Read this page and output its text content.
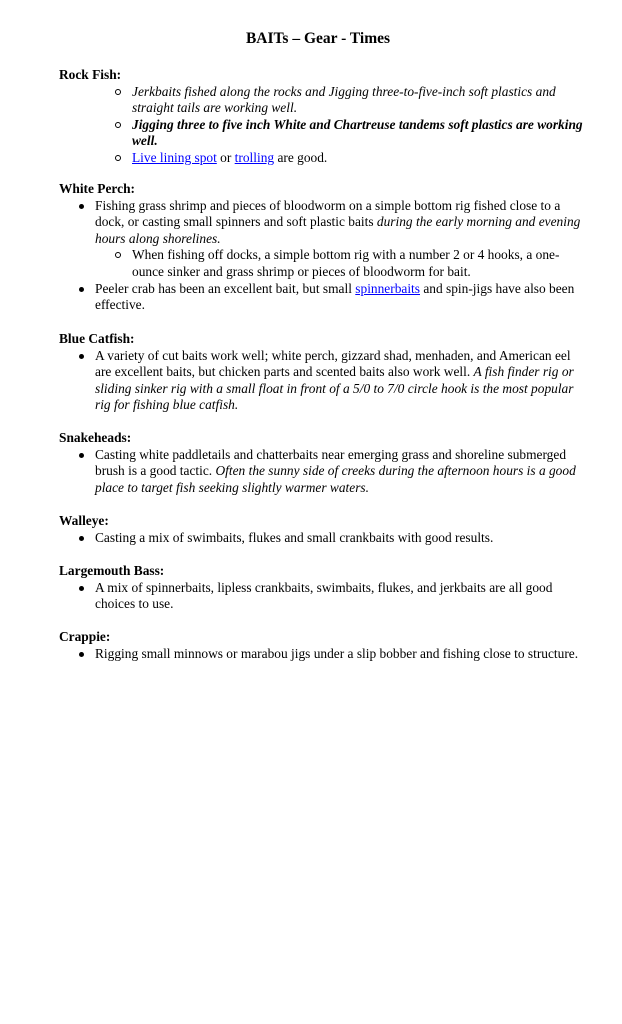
BAITs – Gear - Times

Rock Fish:

Jerkbaits fished along the rocks and Jigging three-to-five-inch soft plastics and straight tails are working well.
Jigging three to five inch White and Chartreuse tandems soft plastics are working well.
Live lining spot or trolling are good.

White Perch:

Fishing grass shrimp and pieces of bloodworm on a simple bottom rig fished close to a dock, or casting small spinners and soft plastic baits during the early morning and evening hours along shorelines.
When fishing off docks, a simple bottom rig with a number 2 or 4 hooks, a one-ounce sinker and grass shrimp or pieces of bloodworm for bait.
Peeler crab has been an excellent bait, but small spinnerbaits and spin-jigs have also been effective.

Blue Catfish:

A variety of cut baits work well; white perch, gizzard shad, menhaden, and American eel are excellent baits, but chicken parts and scented baits also work well. A fish finder rig or sliding sinker rig with a small float in front of a 5/0 to 7/0 circle hook is the most popular rig for fishing blue catfish.

Snakeheads:

Casting white paddletails and chatterbaits near emerging grass and shoreline submerged brush is a good tactic. Often the sunny side of creeks during the afternoon hours is a good place to target fish seeking slightly warmer waters.

Walleye:

Casting a mix of swimbaits, flukes and small crankbaits with good results.

Largemouth Bass:

A mix of spinnerbaits, lipless crankbaits, swimbaits, flukes, and jerkbaits are all good choices to use.

Crappie:

Rigging small minnows or marabou jigs under a slip bobber and fishing close to structure.
